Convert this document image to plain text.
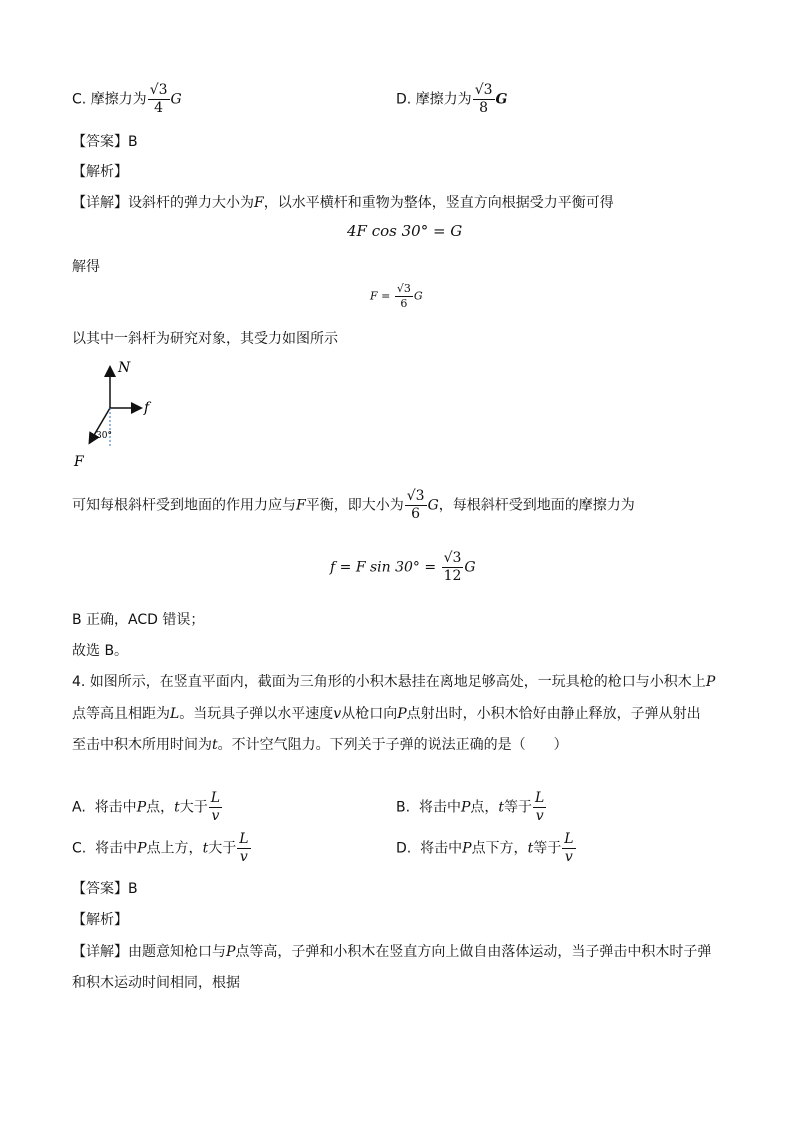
C. 摩擦力为 $\frac{√3}{4}$ G	D. 摩擦力为 $\frac{√3}{8}$ G
【答案】B
【解析】
【详解】设斜杆的弹力大小为F，以水平横杆和重物为整体，竖直方向根据受力平衡可得
4F cos 30° = G
解得
$F = \frac{√3}{6}$ G
以其中一斜杆为研究对象，其受力如图所示
N
f
F
30°
可知每根斜杆受到地面的作用力应与F平衡，即大小为 $\frac{√3}{6}$ G，每根斜杆受到地面的摩擦力为
f = F $\sin 30^\circ = \frac{√3}{12}$ G
B 正确，ACD 错误；
故选 B。
4. 如图所示，在竖直平面内，截面为三角形的小积木悬挂在离地足够高处，一玩具枪的枪口与小积木上P
点等高且相距为L。当玩具子弹以水平速度v从枪口向P点射出时，小积木恰好由静止释放，子弹从射出
至击中积木所用时间为t。不计空气阻力。下列关于子弹的说法正确的是（　　）
A. 将击中P点，t大于 $\frac{L}{v}$	B. 将击中P点，t等于 $\frac{L}{v}$
C. 将击中P点上方，t大于 $\frac{L}{v}$	D. 将击中P点下方，t等于 $\frac{L}{v}$
【答案】B
【解析】
【详解】由题意知枪口与P点等高，子弹和小积木在竖直方向上做自由落体运动，当子弹击中积木时子弹
和积木运动时间相同，根据
